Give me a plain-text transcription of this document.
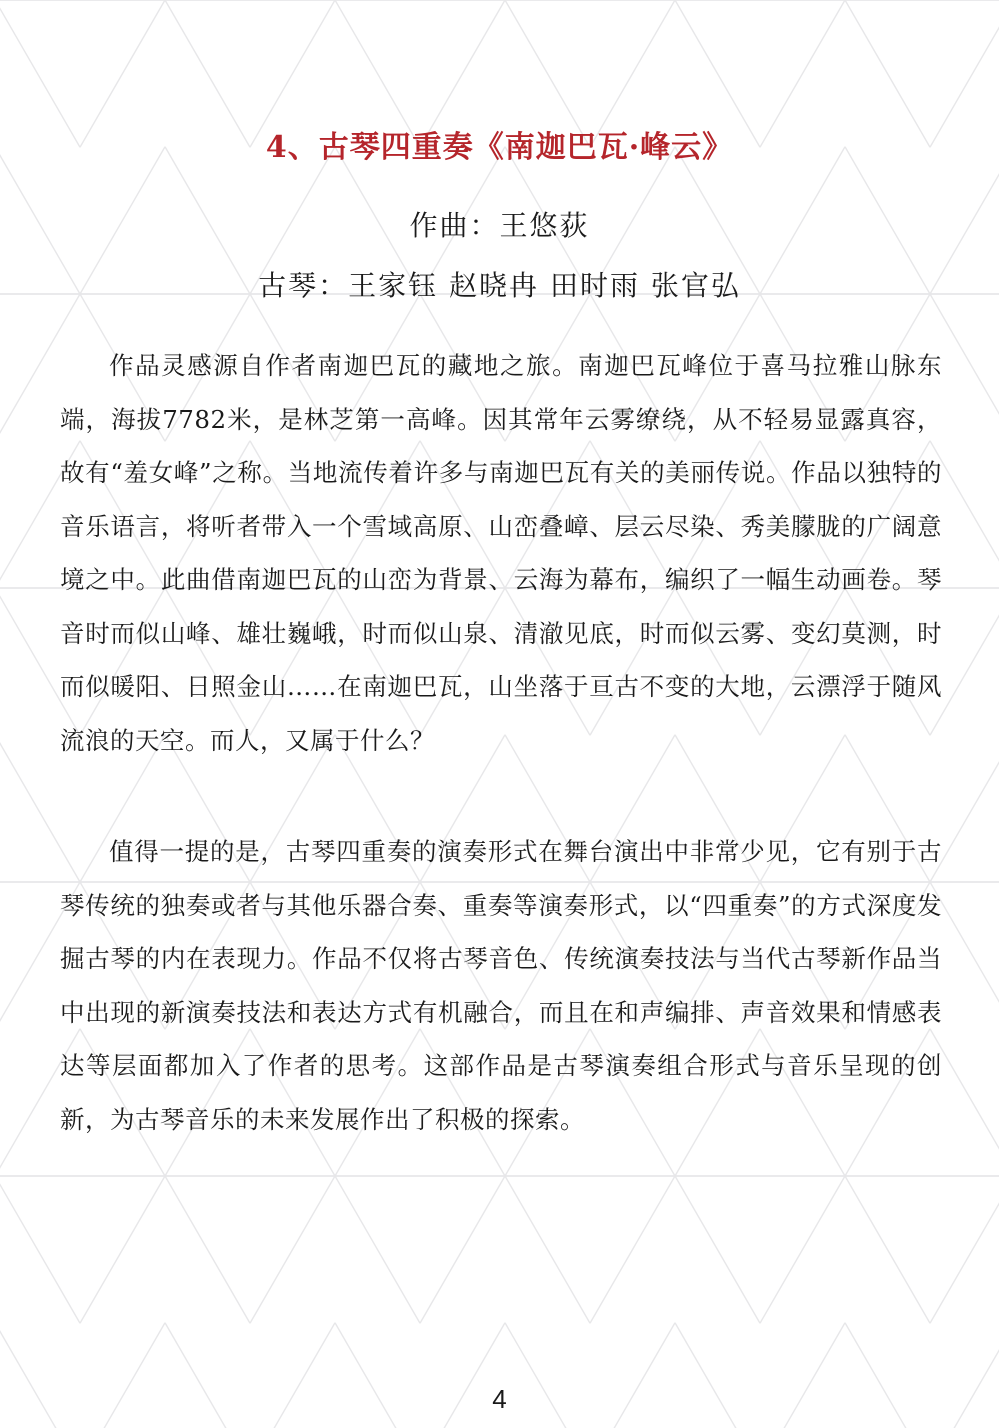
4、古琴四重奏《南迦巴瓦·峰云》
作曲：王悠荻
古琴：王家钰 赵晓冉 田时雨 张官弘

作品灵感源自作者南迦巴瓦的藏地之旅。南迦巴瓦峰位于喜马拉雅山脉东端，海拔7782米，是林芝第一高峰。因其常年云雾缭绕，从不轻易显露真容，故有“羞女峰”之称。当地流传着许多与南迦巴瓦有关的美丽传说。作品以独特的音乐语言，将听者带入一个雪域高原、山峦叠嶂、层云尽染、秀美朦胧的广阔意境之中。此曲借南迦巴瓦的山峦为背景、云海为幕布，编织了一幅生动画卷。琴音时而似山峰、雄壮巍峨，时而似山泉、清澈见底，时而似云雾、变幻莫测，时而似暖阳、日照金山……在南迦巴瓦，山坐落于亘古不变的大地，云漂浮于随风流浪的天空。而人，又属于什么？

值得一提的是，古琴四重奏的演奏形式在舞台演出中非常少见，它有别于古琴传统的独奏或者与其他乐器合奏、重奏等演奏形式，以“四重奏”的方式深度发掘古琴的内在表现力。作品不仅将古琴音色、传统演奏技法与当代古琴新作品当中出现的新演奏技法和表达方式有机融合，而且在和声编排、声音效果和情感表达等层面都加入了作者的思考。这部作品是古琴演奏组合形式与音乐呈现的创新，为古琴音乐的未来发展作出了积极的探索。

4
